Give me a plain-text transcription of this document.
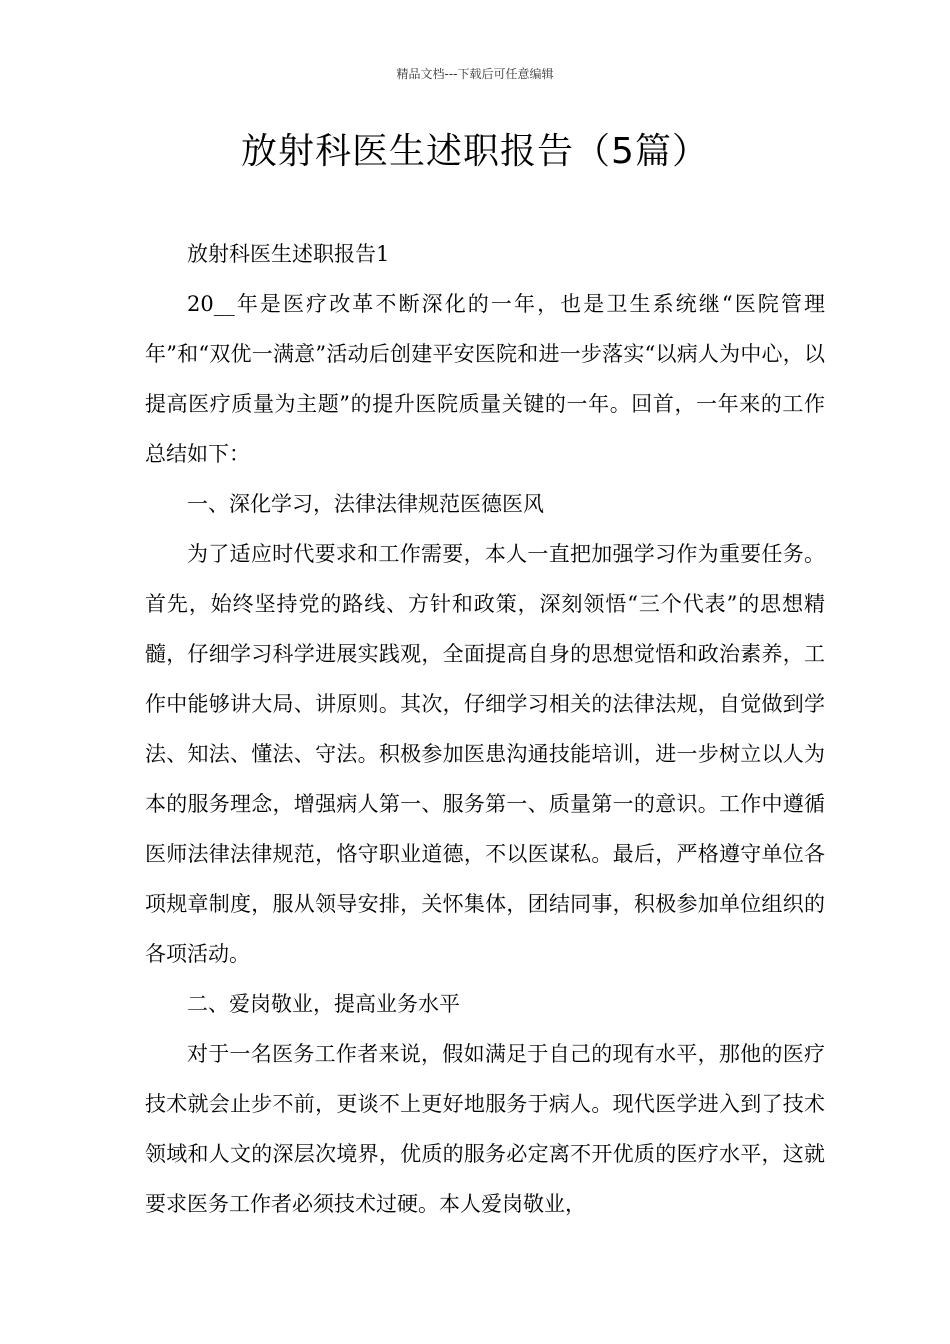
精品文档---下载后可任意编辑
放射科医生述职报告（5篇）

放射科医生述职报告1

20__年是医疗改革不断深化的一年，也是卫生系统继“医院管理年”和“双优一满意”活动后创建平安医院和进一步落实“以病人为中心，以提高医疗质量为主题”的提升医院质量关键的一年。回首，一年来的工作总结如下：

一、深化学习，法律法律规范医德医风

为了适应时代要求和工作需要，本人一直把加强学习作为重要任务。首先，始终坚持党的路线、方针和政策，深刻领悟“三个代表”的思想精髓，仔细学习科学进展实践观，全面提高自身的思想觉悟和政治素养，工作中能够讲大局、讲原则。其次，仔细学习相关的法律法规，自觉做到学法、知法、懂法、守法。积极参加医患沟通技能培训，进一步树立以人为本的服务理念，增强病人第一、服务第一、质量第一的意识。工作中遵循医师法律法律规范，恪守职业道德，不以医谋私。最后，严格遵守单位各项规章制度，服从领导安排，关怀集体，团结同事，积极参加单位组织的各项活动。

二、爱岗敬业，提高业务水平

对于一名医务工作者来说，假如满足于自己的现有水平，那他的医疗技术就会止步不前，更谈不上更好地服务于病人。现代医学进入到了技术领域和人文的深层次境界，优质的服务必定离不开优质的医疗水平，这就要求医务工作者必须技术过硬。本人爱岗敬业，
